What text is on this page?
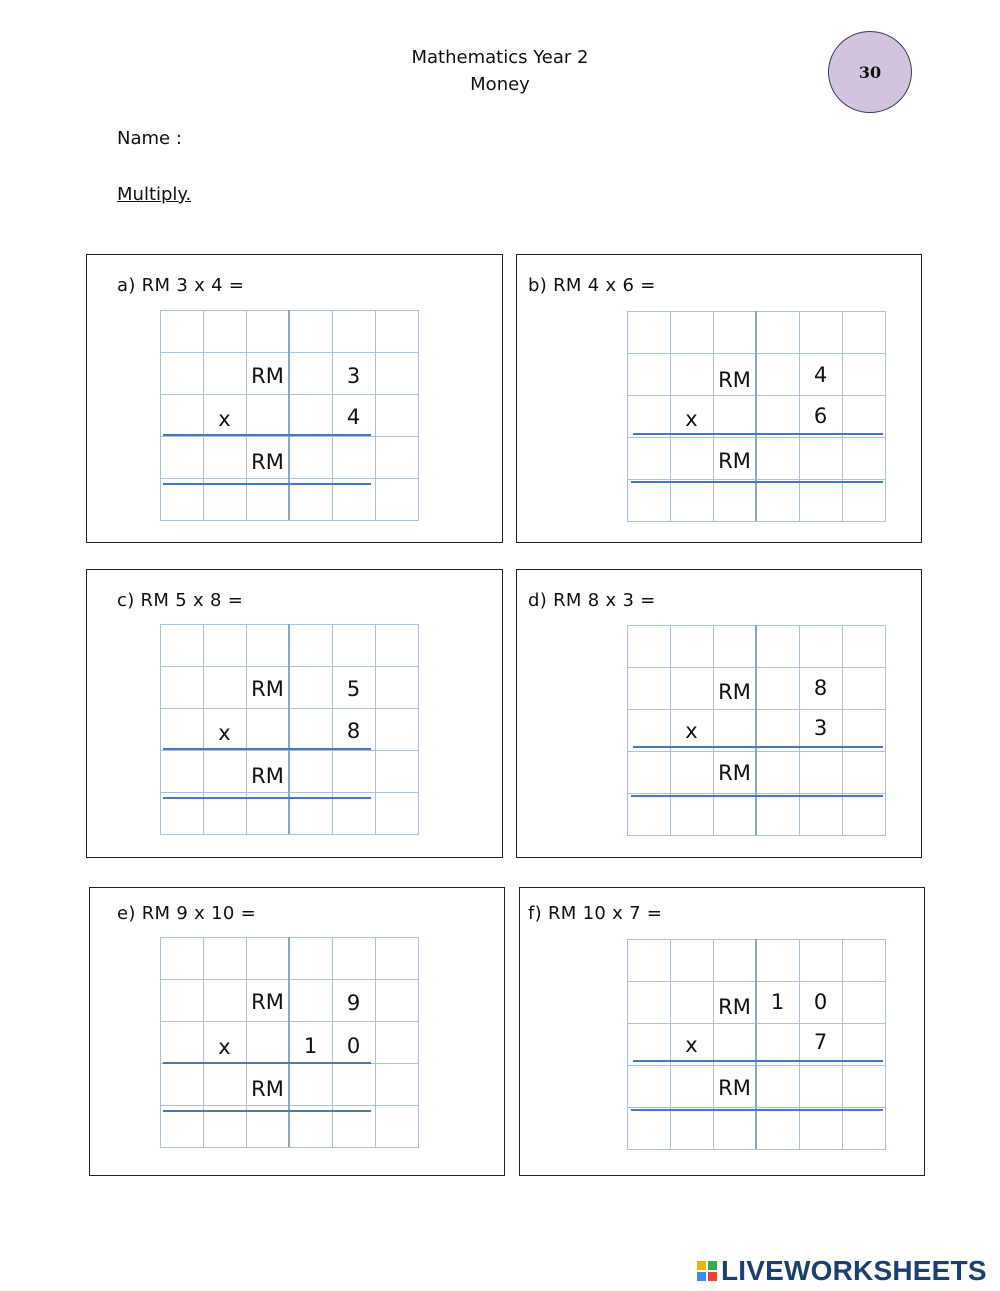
Mathematics Year 2
Money
30
Name :
Multiply.
a) RM 3 x 4 =
RM	3
x	4
RM
b) RM 4 x 6 =
RM	4
x	6
RM
c) RM 5 x 8 =
RM	5
x	8
RM
d) RM 8 x 3 =
RM	8
x	3
RM
e) RM 9 x 10 =
RM	9
x	1	0
RM
f) RM 10 x 7 =
RM 1	0
x	7
RM
LIVEWORKSHEETS
